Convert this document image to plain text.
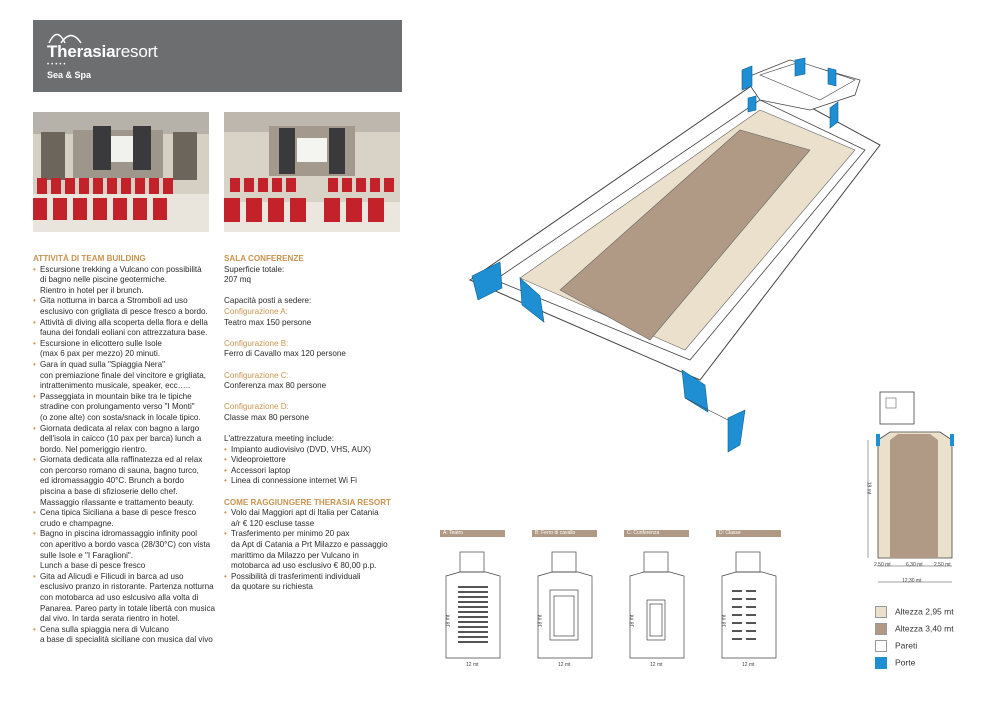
Therasiaresort
•••••
Sea & Spa
ATTIVITÀ DI TEAM BUILDING
• Escursione trekking a Vulcano con possibilità
di bagno nelle piscine geotermiche.
Rientro in hotel per il brunch.
• Gita notturna in barca a Stromboli ad uso
esclusivo con grigliata di pesce fresco a bordo.
• Attività di diving alla scoperta della flora e della
fauna dei fondali eoliani con attrezzatura base.
• Escursione in elicottero sulle Isole
(max 6 pax per mezzo) 20 minuti.
• Gara in quad sulla "Spiaggia Nera"
con premiazione finale del vincitore e grigliata,
intrattenimento musicale, speaker, ecc…..
• Passeggiata in mountain bike tra le tipiche
stradine con prolungamento verso "I Monti"
(o zone alte) con sosta/snack in locale tipico.
• Giornata dedicata al relax con bagno a largo
dell'isola in caicco (10 pax per barca) lunch a
bordo. Nel pomeriggio rientro.
• Giornata dedicata alla raffinatezza ed al relax
con percorso romano di sauna, bagno turco,
ed idromassaggio 40°C. Brunch a bordo
piscina a base di sfizioserie dello chef.
Massaggio rilassante e trattamento beauty.
• Cena tipica Siciliana a base di pesce fresco
crudo e champagne.
• Bagno in piscina idromassaggio infinity pool
con aperitivo a bordo vasca (28/30°C) con vista
sulle Isole e "I Faraglioni".
Lunch a base di pesce fresco
• Gita ad Alicudi e Filicudi in barca ad uso
esclusivo pranzo in ristorante. Partenza notturna
con motobarca ad uso eslcusivo alla volta di
Panarea. Pareo party in totale libertà con musica
dal vivo. In tarda serata rientro in hotel.
• Cena sulla spiaggia nera di Vulcano
a base di specialità siciliane con musica dal vivo
SALA CONFERENZE
Superficie totale:
207 mq
Capacità posti a sedere:
Configurazione A:
Teatro max 150 persone
Configurazione B:
Ferro di Cavallo max 120 persone
Configurazione C:
Conferenza max 80 persone
Configurazione D:
Classe max 80 persone
L'attrezzatura meeting include:
• Impianto audiovisivo (DVD, VHS, AUX)
• Videoproiettore
• Accessori laptop
• Linea di connessione internet Wi Fi
COME RAGGIUNGERE THERASIA RESORT
• Volo dai Maggiori apt di Italia per Catania
a/r € 120 escluse tasse
• Trasferimento per minimo 20 pax
da Apt di Catania a Prt Milazzo e passaggio
marittimo da Milazzo per Vulcano in
motobarca ad uso esclusivo € 80,00 p.p.
• Possibilità di trasferimenti individuali
da quotare su richiesta
A: Teatro	B: Ferro di cavallo	C: Conferenza	D: Classe
18 mt	18 mt	18 mt	18 mt
12 mt	12 mt	12 mt	12 mt
18 mt
2,50 mt	6,30 mt 2,50 mt
12,30 mt
Altezza 2,95 mt
Altezza 3,40 mt
Pareti
Porte
